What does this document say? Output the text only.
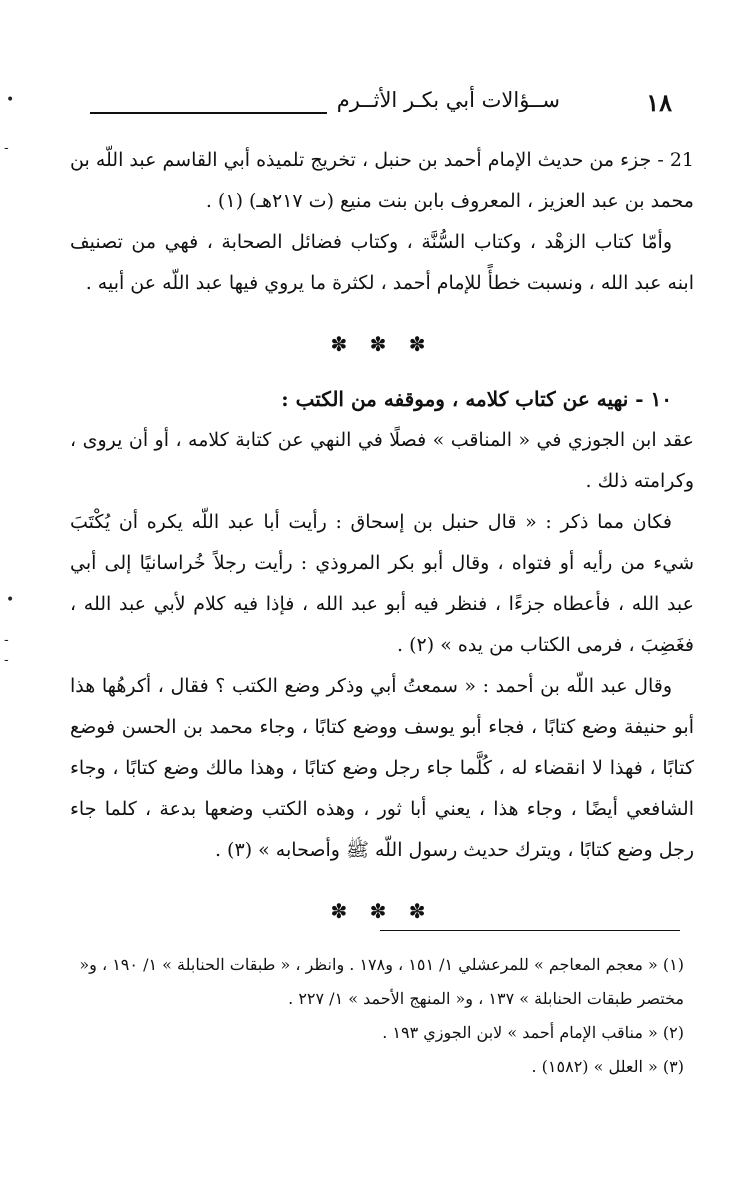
١٨
ســؤالات أبي بكـر الأثــرم

21 - جزء من حديث الإمام أحمد بن حنبل ، تخريج تلميذه أبي القاسم عبد اللّه بن محمد بن عبد العزيز ، المعروف بابن بنت منيع (ت ٢١٧هـ) (١) .

وأمّا كتاب الزهْد ، وكتاب السُّنَّة ، وكتاب فضائل الصحابة ، فهي من تصنيف ابنه عبد الله ، ونسبت خطأً للإمام أحمد ، لكثرة ما يروي فيها عبد اللّه عن أبيه .

✽ ✽ ✽

١٠ - نهيه عن كتاب كلامه ، وموقفه من الكتب :

عقد ابن الجوزي في « المناقب » فصلًا في النهي عن كتابة كلامه ، أو أن يروى ، وكرامته ذلك .

فكان مما ذكر : « قال حنبل بن إسحاق : رأيت أبا عبد اللّه يكره أن يُكْتَبَ شيء من رأيه أو فتواه ، وقال أبو بكر المروذي : رأيت رجلاً خُراسانيًا إلى أبي عبد الله ، فأعطاه جزءًا ، فنظر فيه أبو عبد الله ، فإذا فيه كلام لأبي عبد الله ، فغَضِبَ ، فرمى الكتاب من يده » (٢) .

وقال عبد اللّه بن أحمد : « سمعتُ أبي وذكر وضع الكتب ؟ فقال ، أكرهُها هذا أبو حنيفة وضع كتابًا ، فجاء أبو يوسف ووضع كتابًا ، وجاء محمد بن الحسن فوضع كتابًا ، فهذا لا انقضاء له ، كُلَّما جاء رجل وضع كتابًا ، وهذا مالك وضع كتابًا ، وجاء الشافعي أيضًا ، وجاء هذا ، يعني أبا ثور ، وهذه الكتب وضعها بدعة ، كلما جاء رجل وضع كتابًا ، ويترك حديث رسول اللّه ﷺ وأصحابه » (٣) .

✽ ✽ ✽

(١) « معجم المعاجم » للمرعشلي ١/ ١٥١ ، و١٧٨ . وانظر ، « طبقات الحنابلة » ١/ ١٩٠ ، و« مختصر طبقات الحنابلة » ١٣٧ ، و« المنهج الأحمد » ١/ ٢٢٧ .

(٢) « مناقب الإمام أحمد » لابن الجوزي ١٩٣ .

(٣) « العلل » (١٥٨٢) .

•
-
•
-
-
